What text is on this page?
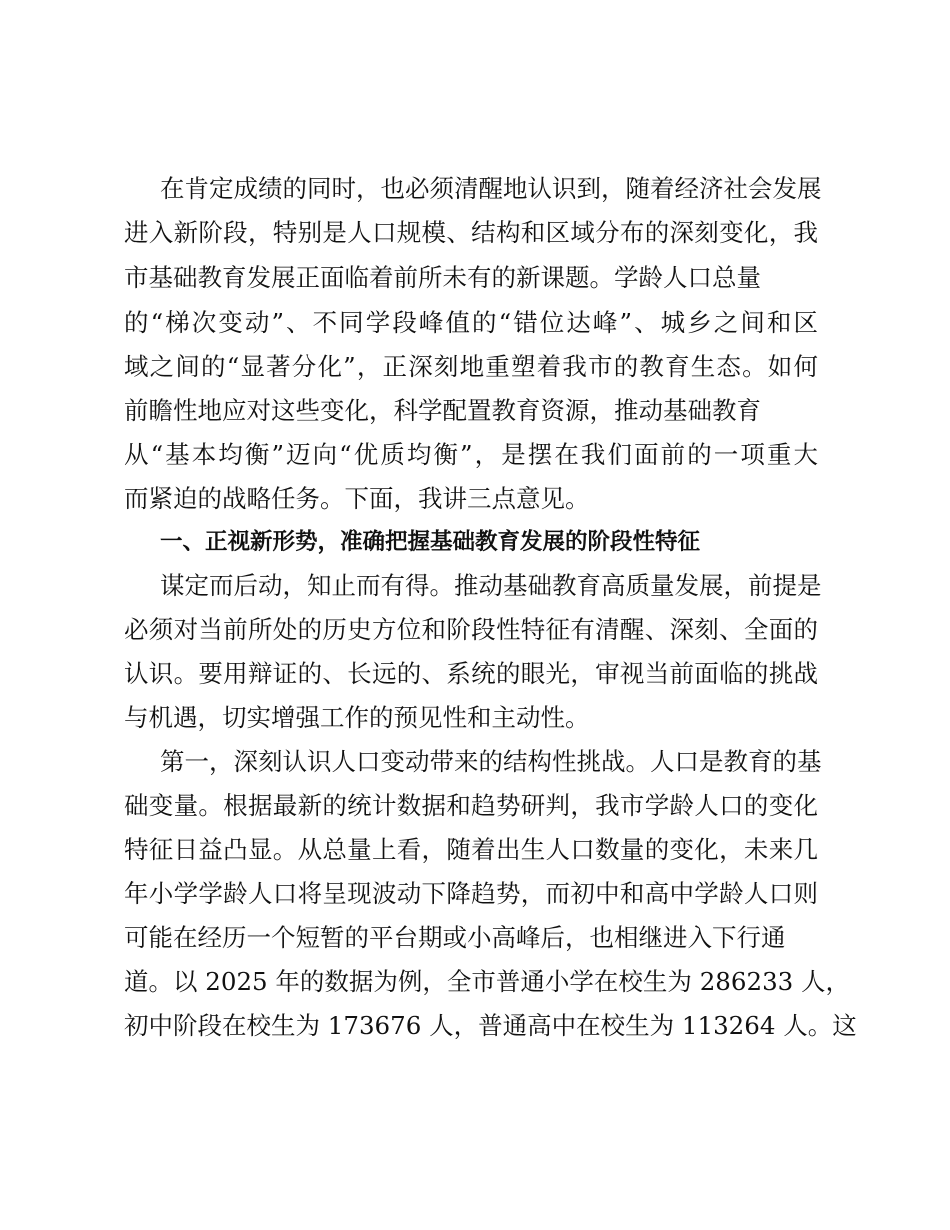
在肯定成绩的同时，也必须清醒地认识到，随着经济社会发展
进入新阶段，特别是人口规模、结构和区域分布的深刻变化，我
市基础教育发展正面临着前所未有的新课题。学龄人口总量
的“梯次变动”、不同学段峰值的“错位达峰”、城乡之间和区
域之间的“显著分化”，正深刻地重塑着我市的教育生态。如何
前瞻性地应对这些变化，科学配置教育资源，推动基础教育
从“基本均衡”迈向“优质均衡”，是摆在我们面前的一项重大
而紧迫的战略任务。下面，我讲三点意见。
一、正视新形势，准确把握基础教育发展的阶段性特征
谋定而后动，知止而有得。推动基础教育高质量发展，前提是
必须对当前所处的历史方位和阶段性特征有清醒、深刻、全面的
认识。要用辩证的、长远的、系统的眼光，审视当前面临的挑战
与机遇，切实增强工作的预见性和主动性。
第一，深刻认识人口变动带来的结构性挑战。人口是教育的基
础变量。根据最新的统计数据和趋势研判，我市学龄人口的变化
特征日益凸显。从总量上看，随着出生人口数量的变化，未来几
年小学学龄人口将呈现波动下降趋势，而初中和高中学龄人口则
可能在经历一个短暂的平台期或小高峰后，也相继进入下行通
道。以 2025 年的数据为例，全市普通小学在校生为 286233 人，
初中阶段在校生为 173676 人，普通高中在校生为 113264 人。这
